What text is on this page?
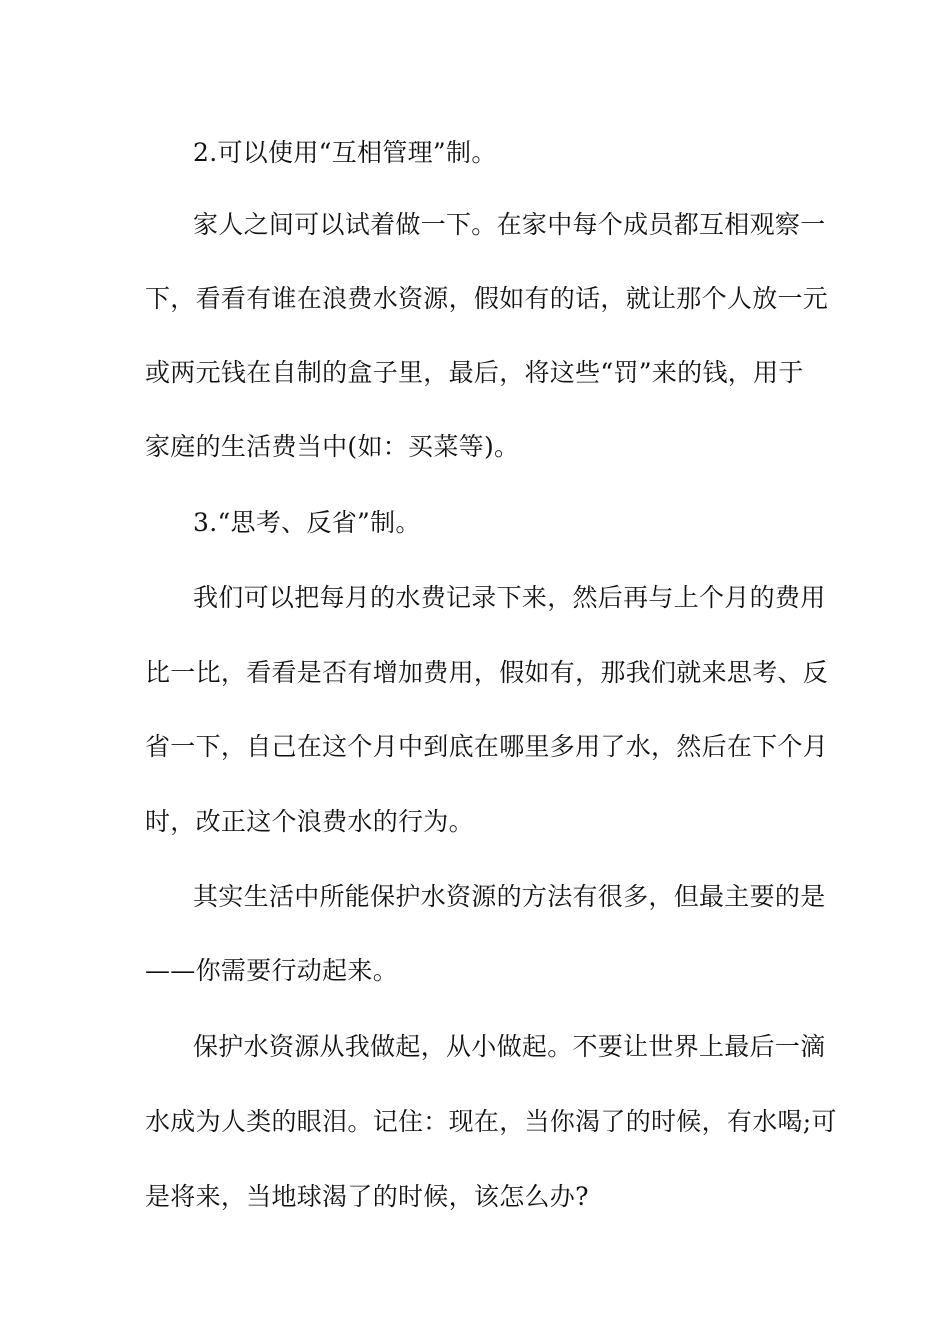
2.可以使用“互相管理”制。
家人之间可以试着做一下。在家中每个成员都互相观察一
下，看看有谁在浪费水资源，假如有的话，就让那个人放一元
或两元钱在自制的盒子里，最后，将这些“罚”来的钱，用于
家庭的生活费当中(如：买菜等)。
3.“思考、反省”制。
我们可以把每月的水费记录下来，然后再与上个月的费用
比一比，看看是否有增加费用，假如有，那我们就来思考、反
省一下，自己在这个月中到底在哪里多用了水，然后在下个月
时，改正这个浪费水的行为。
其实生活中所能保护水资源的方法有很多，但最主要的是
——你需要行动起来。
保护水资源从我做起，从小做起。不要让世界上最后一滴
水成为人类的眼泪。记住：现在，当你渴了的时候，有水喝;可
是将来，当地球渴了的时候，该怎么办?
